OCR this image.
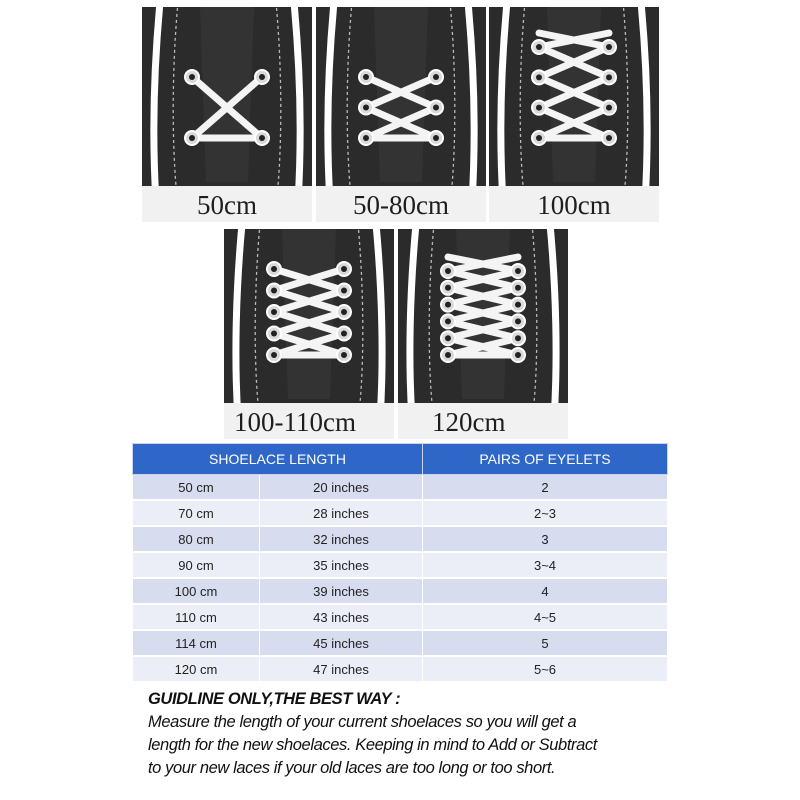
50cm	50-80cm	100cm
100-110cm	120cm
SHOELACE LENGTH		PAIRS OF EYELETS
50 cm	20 inches	2
70 cm	28 inches	2~3
80 cm	32 inches	3
90 cm	35 inches	3~4
100 cm	39 inches	4
110 cm	43 inches	4~5
114 cm	45 inches	5
120 cm	47 inches	5~6
GUIDLINE ONLY,THE BEST WAY :
Measure the length of your current shoelaces so you will get a
length for the new shoelaces. Keeping in mind to Add or Subtract
to your new laces if your old laces are too long or too short.
